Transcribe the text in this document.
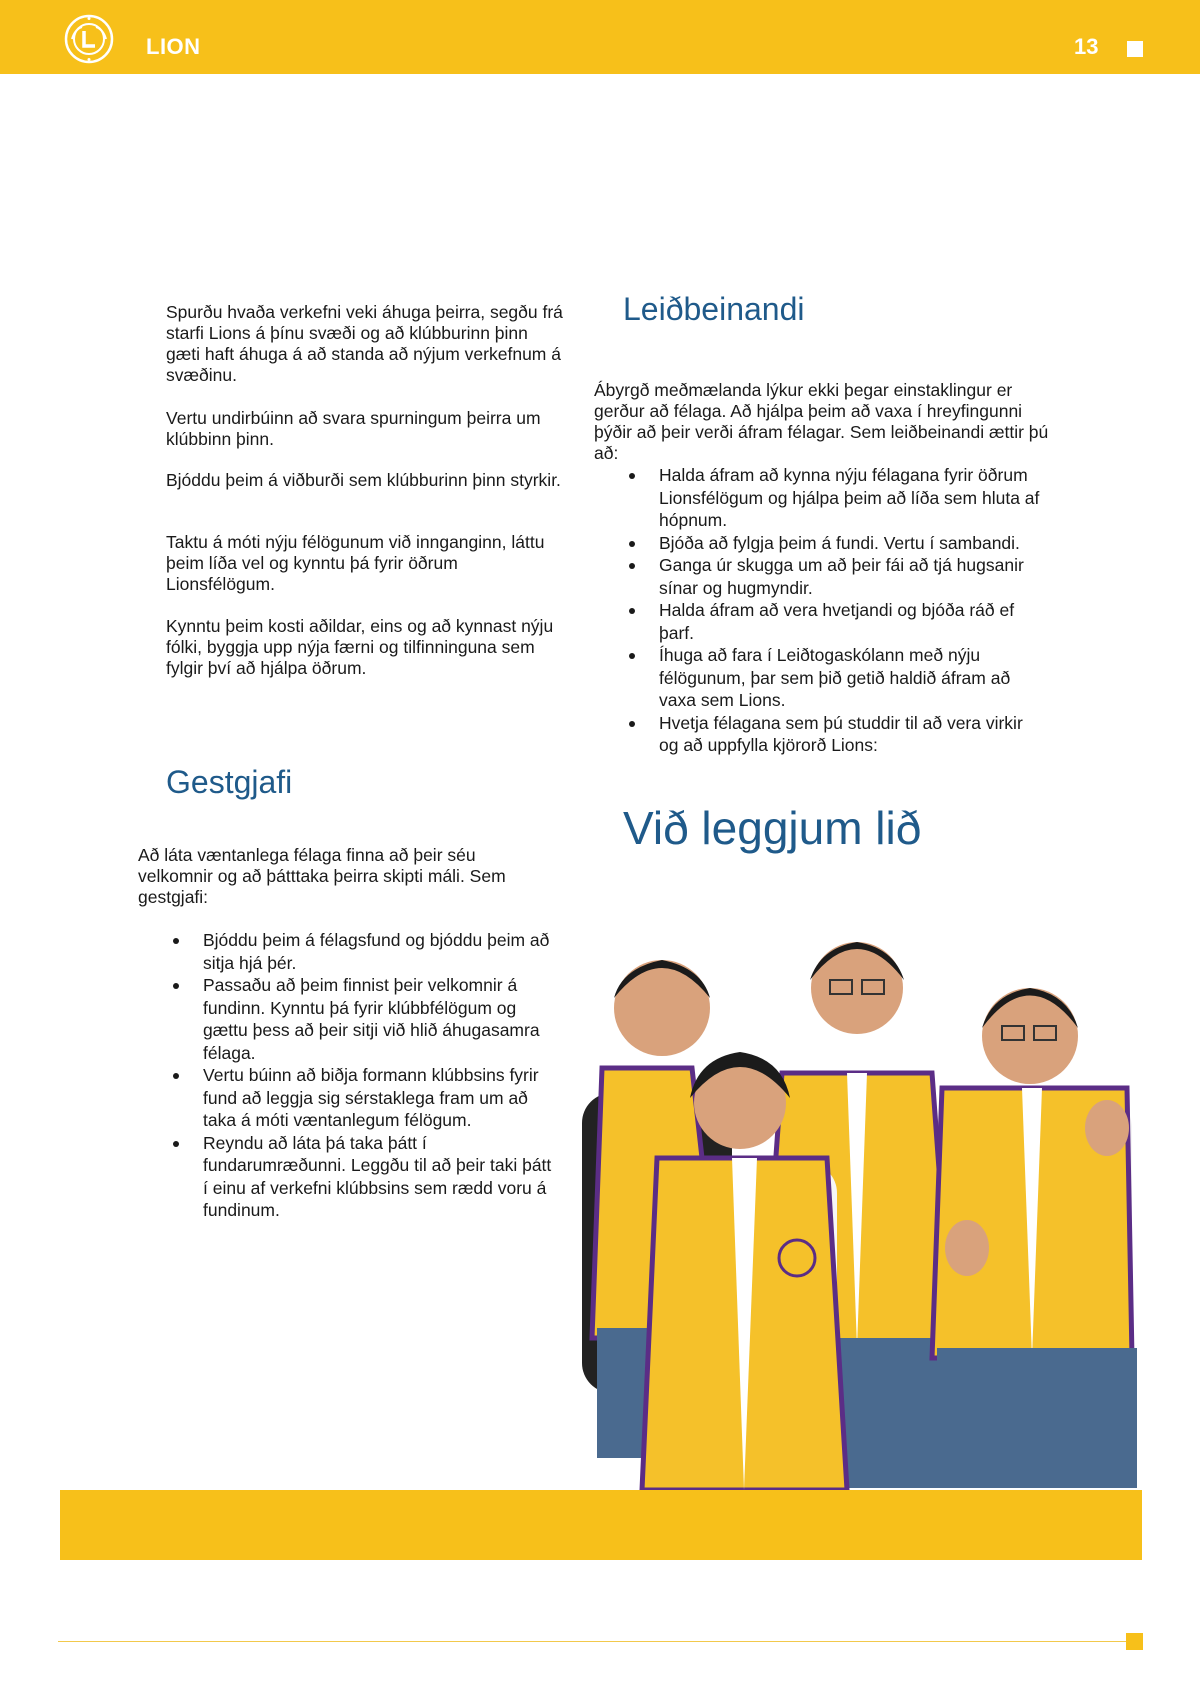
LION	13

Spurðu hvaða verkefni veki áhuga þeirra, segðu frá starfi Lions á þínu svæði og að klúbburinn þinn gæti haft áhuga á að standa að nýjum verkefnum á svæðinu.

Vertu undirbúinn að svara spurningum þeirra um klúbbinn þinn.

Bjóddu þeim á viðburði sem klúbburinn þinn styrkir.

Taktu á móti nýju félögunum við innganginn, láttu þeim líða vel og kynntu þá fyrir öðrum Lionsfélögum.

Kynntu þeim kosti aðildar, eins og að kynnast nýju fólki, byggja upp nýja færni og tilfinninguna sem fylgir því að hjálpa öðrum.

Gestgjafi

Að láta væntanlega félaga finna að þeir séu velkomnir og að þátttaka þeirra skipti máli. Sem gestgjafi:

Bjóddu þeim á félagsfund og bjóddu þeim að sitja hjá þér.
Passaðu að þeim finnist þeir velkomnir á fundinn. Kynntu þá fyrir klúbbfélögum og gættu þess að þeir sitji við hlið áhugasamra félaga.
Vertu búinn að biðja formann klúbbsins fyrir fund að leggja sig sérstaklega fram um að taka á móti væntanlegum félögum.
Reyndu að láta þá taka þátt í fundarumræðunni. Leggðu til að þeir taki þátt í einu af verkefni klúbbsins sem rædd voru á fundinum.
Leiðbeinandi

Ábyrgð meðmælanda lýkur ekki þegar einstaklingur er gerður að félaga. Að hjálpa þeim að vaxa í hreyfingunni þýðir að þeir verði áfram félagar. Sem leiðbeinandi ættir þú að:

Halda áfram að kynna nýju félagana fyrir öðrum Lionsfélögum og hjálpa þeim að líða sem hluta af hópnum.
Bjóða að fylgja þeim á fundi. Vertu í sambandi.
Ganga úr skugga um að þeir fái að tjá hugsanir sínar og hugmyndir.
Halda áfram að vera hvetjandi og bjóða ráð ef þarf.
Íhuga að fara í Leiðtogaskólann með nýju félögunum, þar sem þið getið haldið áfram að vaxa sem Lions.
Hvetja félagana sem þú studdir til að vera virkir og að uppfylla kjörorð Lions:
Við leggjum lið
